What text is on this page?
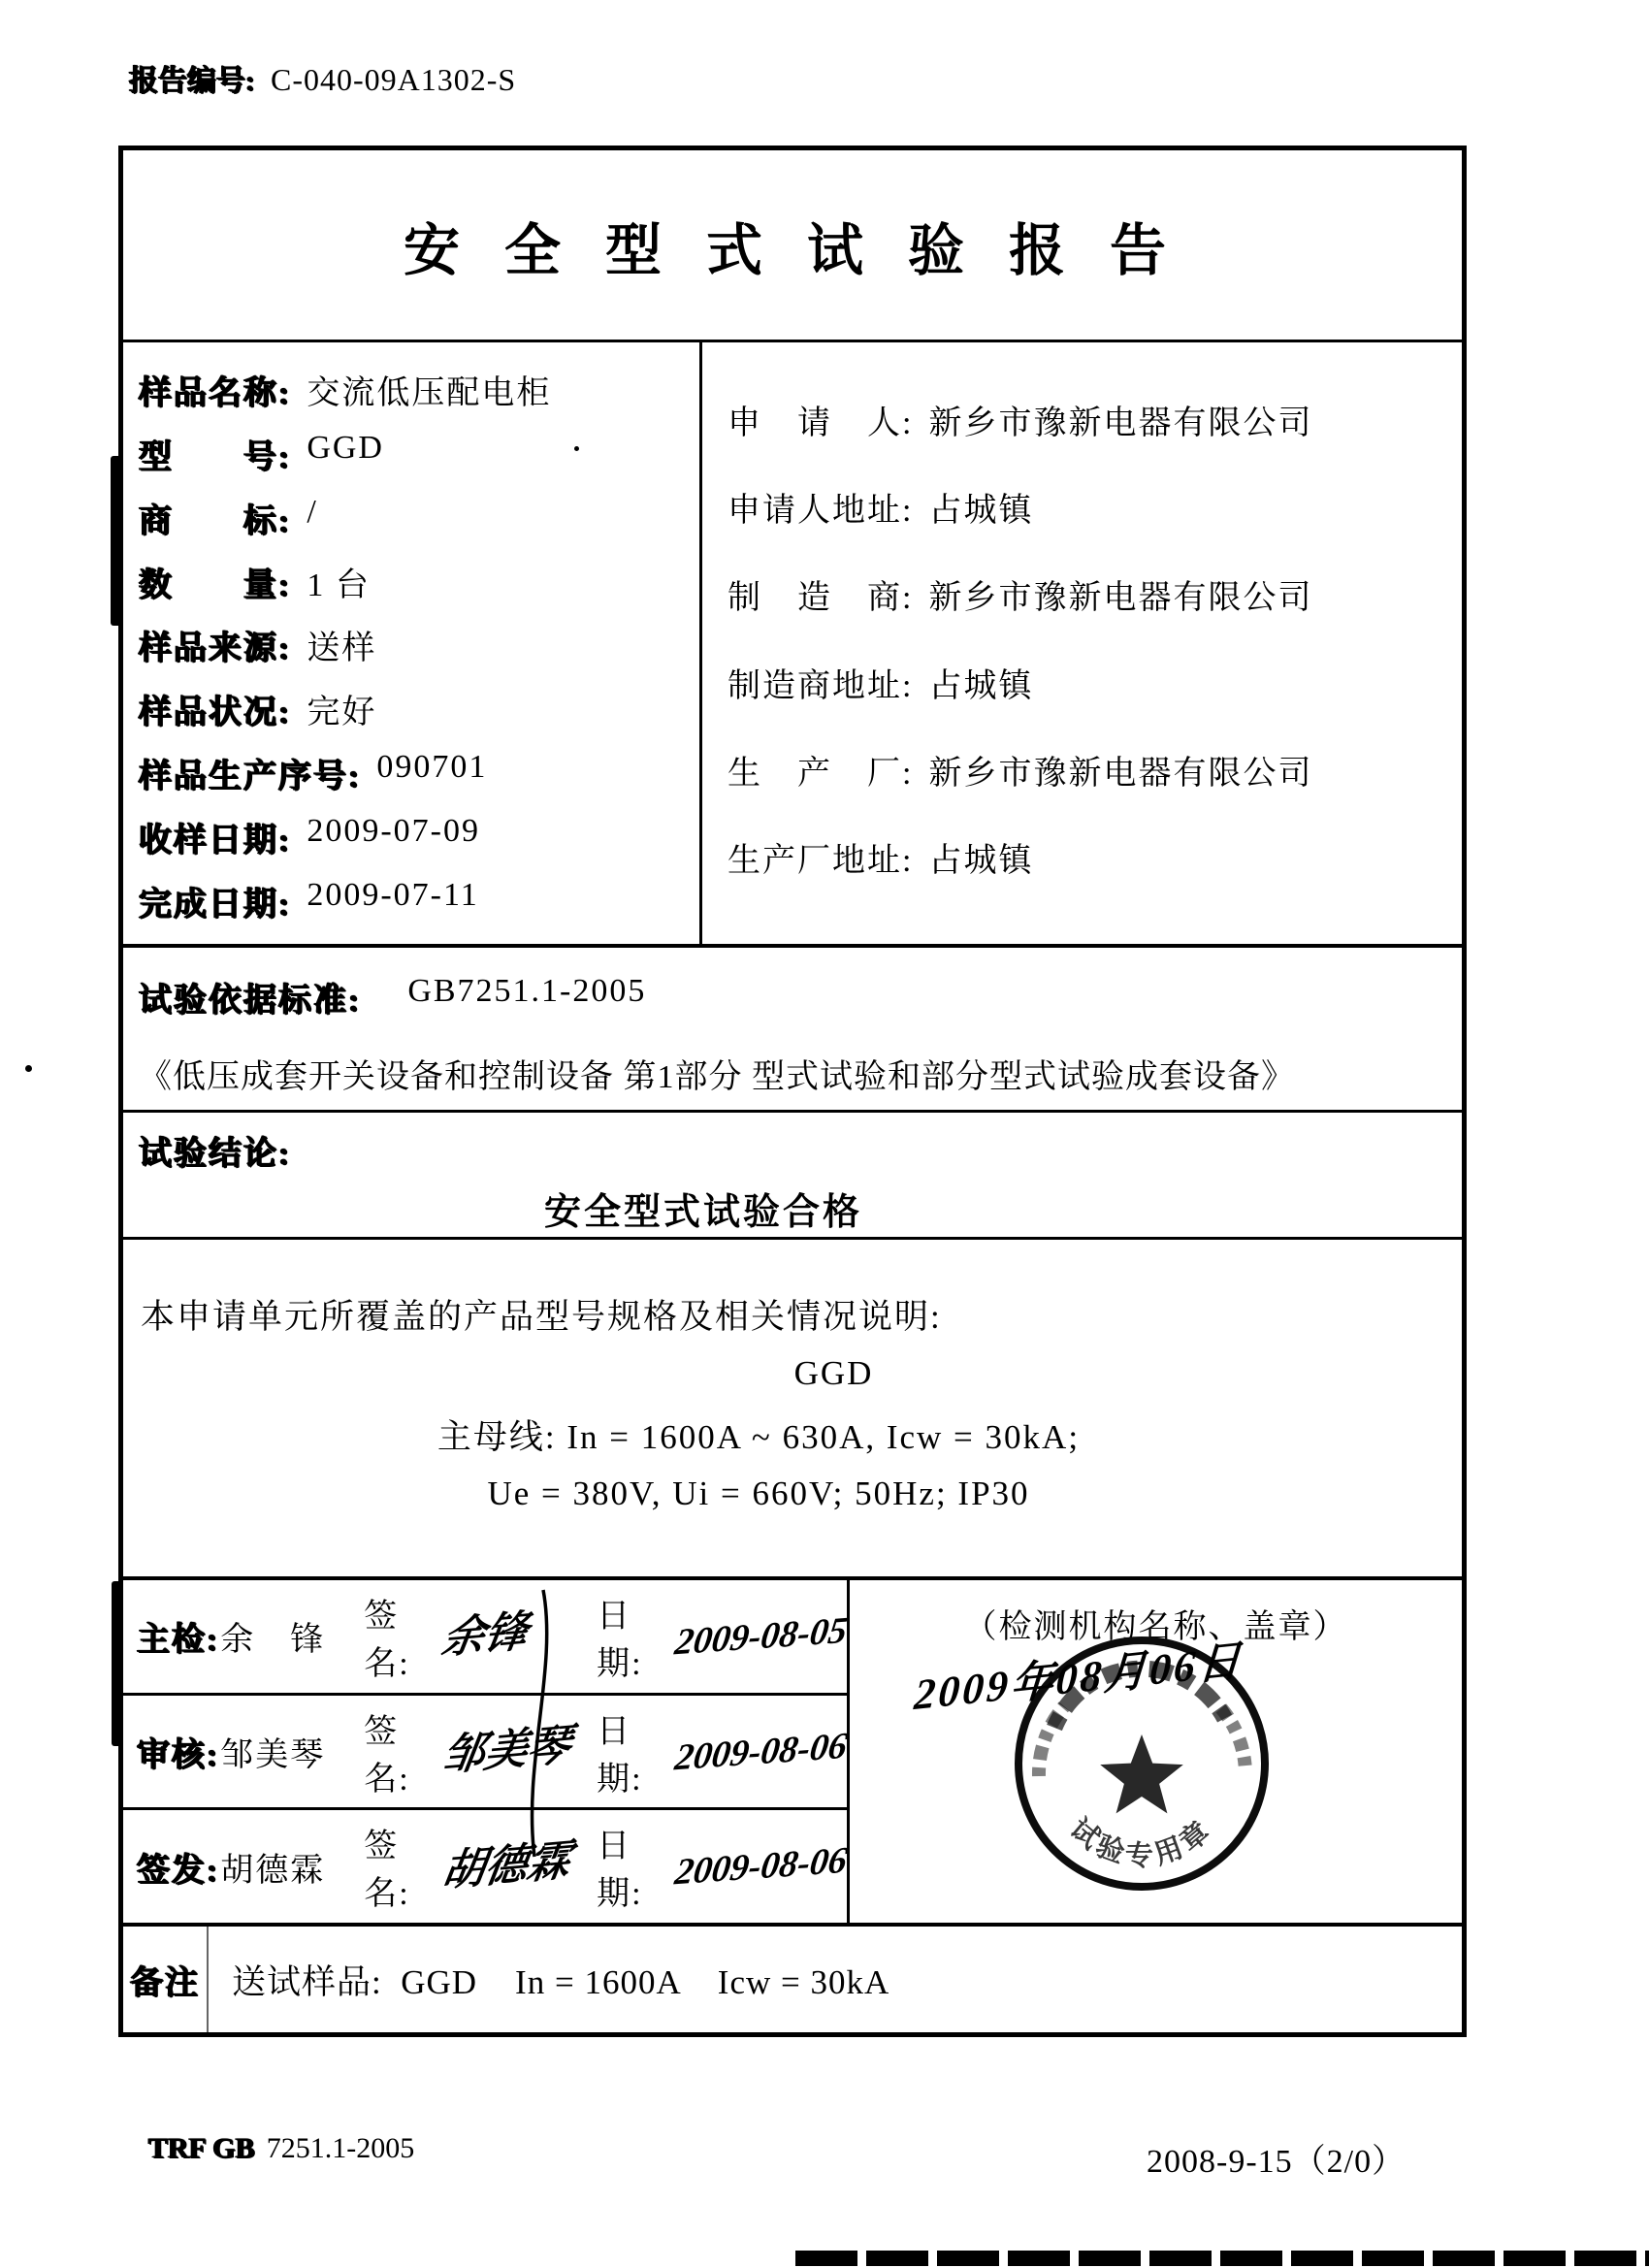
报告编号: C-040-09A1302-S
安全型式试验报告
样品名称: 交流低压配电柜
型　　号: GGD
商　　标: /
数　　量: 1 台
样品来源: 送样
样品状况: 完好
样品生产序号: 090701
收样日期: 2009-07-09
完成日期: 2009-07-11
申　请　人: 新乡市豫新电器有限公司
申请人地址: 占城镇
制　造　商: 新乡市豫新电器有限公司
制造商地址: 占城镇
生　产　厂: 新乡市豫新电器有限公司
生产厂地址: 占城镇
试验依据标准: GB7251.1-2005
《低压成套开关设备和控制设备 第1部分 型式试验和部分型式试验成套设备》
试验结论:
安全型式试验合格
本申请单元所覆盖的产品型号规格及相关情况说明:
GGD
主母线: In = 1600A ~ 630A, Icw = 30kA;
Ue = 380V, Ui = 660V; 50Hz; IP30
主检: 余　锋
签名:
余锋	日期:
2009-08-05
审核: 邹美琴
签名: 邹美琴 日期:
2009-08-06
签发: 胡德霖
签名: 胡德霖 日期:
2009-08-06
（检测机构名称、盖章）
试验专用章
2009年08月06日
备注 送试样品:  GGD    In = 1600A    Icw = 30kA
TRF GB 7251.1-2005	2008-9-15（2/0）
